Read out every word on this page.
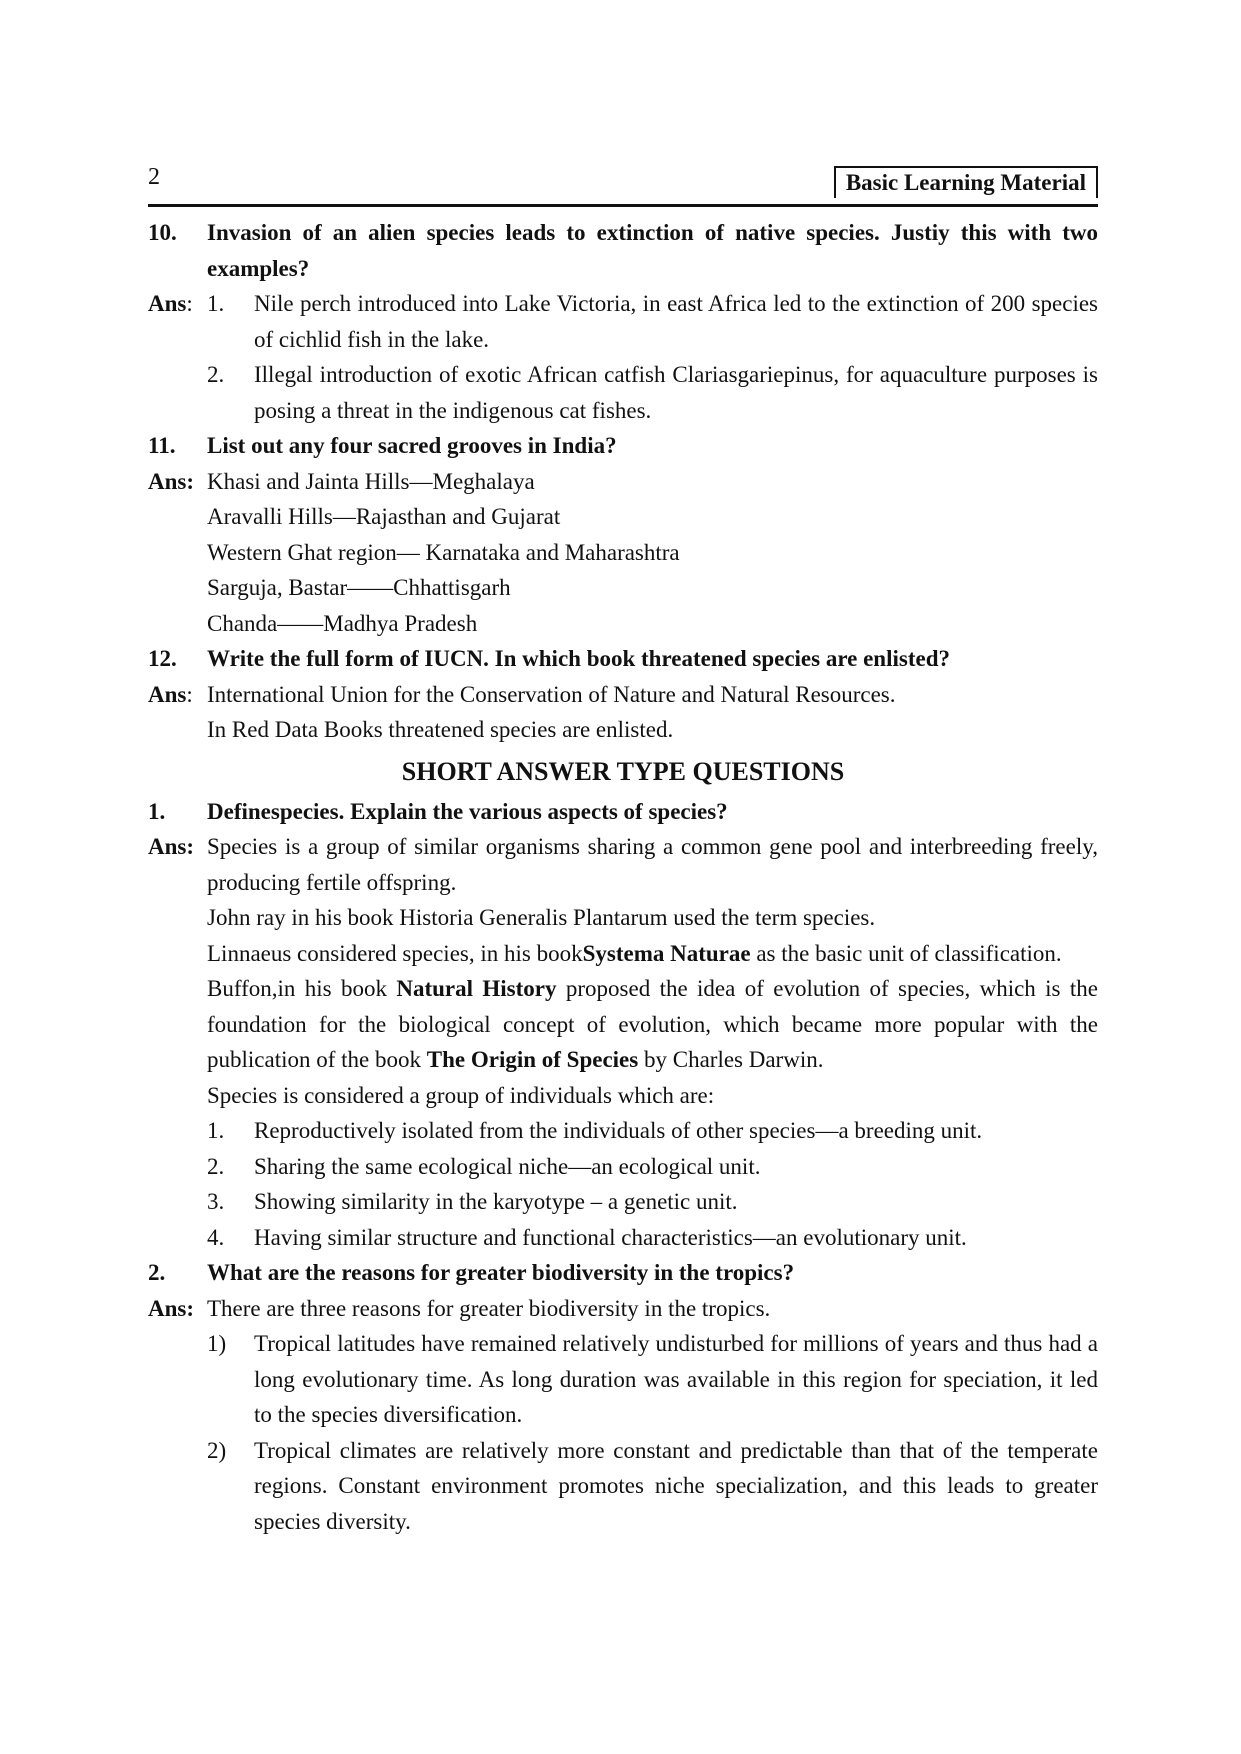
2	Basic Learning Material
10.	Invasion of an alien species leads to extinction of native species. Justiy this with two examples?
Ans: 1.	Nile perch introduced into Lake Victoria, in east Africa led to the extinction of 200 species of cichlid fish in the lake.
2.	Illegal introduction of exotic African catfish Clariasgariepinus, for aquaculture purposes is posing a threat in the indigenous cat fishes.
11.	List out any four sacred grooves in India?
Ans: Khasi and Jainta Hills—Meghalaya
Aravalli Hills—Rajasthan and Gujarat
Western Ghat region— Karnataka and Maharashtra
Sarguja, Bastar——Chhattisgarh
Chanda——Madhya Pradesh
12.	Write the full form of IUCN. In which book threatened species are enlisted?
Ans: International Union for the Conservation of Nature and Natural Resources.
In Red Data Books threatened species are enlisted.
SHORT ANSWER TYPE QUESTIONS
1.	Definespecies. Explain the various aspects of species?
Ans: Species is a group of similar organisms sharing a common gene pool and interbreeding freely, producing fertile offspring.
John ray in his book Historia Generalis Plantarum used the term species.
Linnaeus considered species, in his bookSystema Naturae as the basic unit of classification.
Buffon,in his book Natural History proposed the idea of evolution of species, which is the foundation for the biological concept of evolution, which became more popular with the publication of the book The Origin of Species by Charles Darwin.
Species is considered a group of individuals which are:
1.	Reproductively isolated from the individuals of other species—a breeding unit.
2.	Sharing the same ecological niche—an ecological unit.
3.	Showing similarity in the karyotype – a genetic unit.
4.	Having similar structure and functional characteristics—an evolutionary unit.
2.	What are the reasons for greater biodiversity in the tropics?
Ans: There are three reasons for greater biodiversity in the tropics.
1)	Tropical latitudes have remained relatively undisturbed for millions of years and thus had a long evolutionary time. As long duration was available in this region for speciation, it led to the species diversification.
2)	Tropical climates are relatively more constant and predictable than that of the temperate regions. Constant environment promotes niche specialization, and this leads to greater species diversity.
